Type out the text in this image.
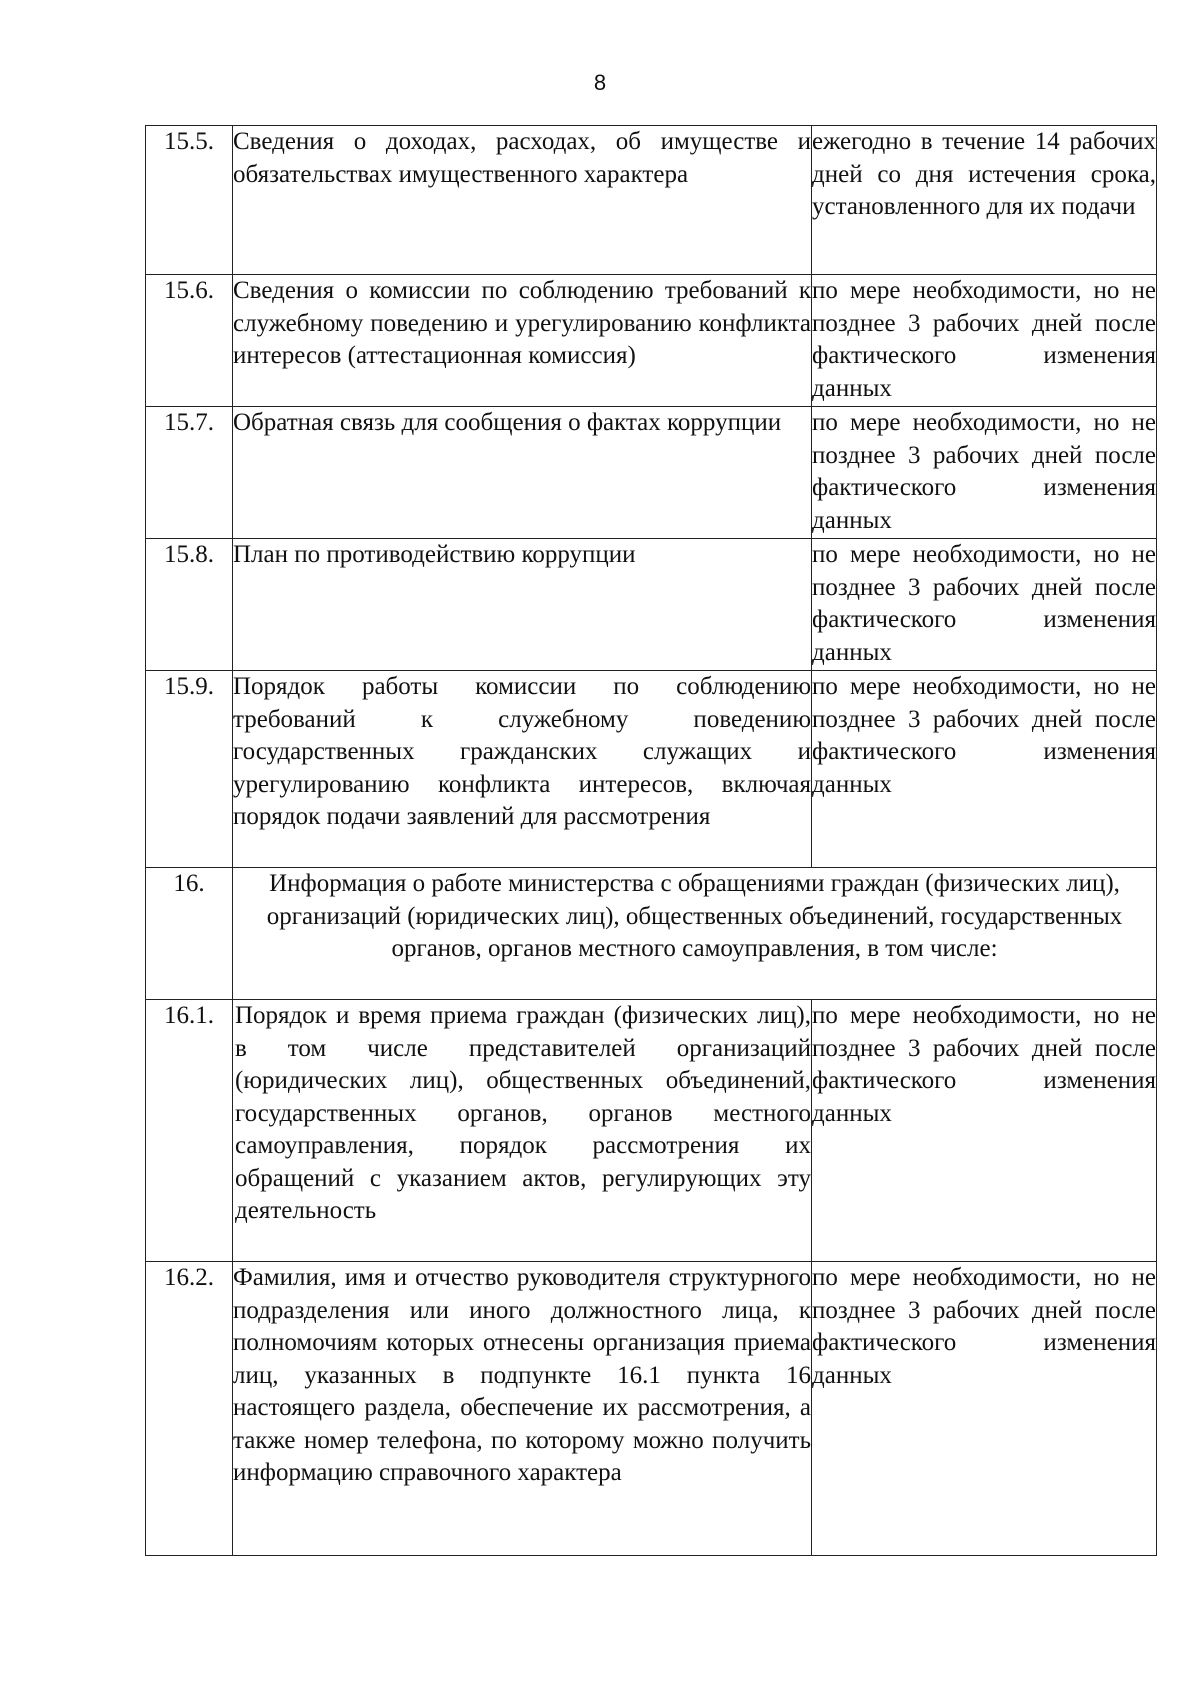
8
15.5.	Сведения о доходах, расходах, об имуществе и обязательствах имущественного характера	ежегодно в течение 14 рабочих дней со дня истечения срока, установленного для их подачи
15.6.	Сведения о комиссии по соблюдению требований к служебному поведению и урегулированию конфликта интересов (аттестационная комиссия)	по мере необходимости, но не позднее 3 рабочих дней после фактического изменения данных
15.7.	Обратная связь для сообщения о фактах коррупции	по мере необходимости, но не позднее 3 рабочих дней после фактического изменения данных
15.8.	План по противодействию коррупции	по мере необходимости, но не позднее 3 рабочих дней после фактического изменения данных
15.9.	Порядок работы комиссии по соблюдению требований к служебному поведению государственных гражданских служащих и урегулированию конфликта интересов, включая порядок подачи заявлений для рассмотрения	по мере необходимости, но не позднее 3 рабочих дней после фактического изменения данных
16.	Информация о работе министерства с обращениями граждан (физических лиц), организаций (юридических лиц), общественных объединений, государственных органов, органов местного самоуправления, в том числе:	
16.1.	Порядок и время приема граждан (физических лиц), в том числе представителей организаций (юридических лиц), общественных объединений, государственных органов, органов местного самоуправления, порядок рассмотрения их обращений с указанием актов, регулирующих эту деятельность	по мере необходимости, но не позднее 3 рабочих дней после фактического изменения данных
16.2.	Фамилия, имя и отчество руководителя структурного подразделения или иного должностного лица, к полномочиям которых отнесены организация приема лиц, указанных в подпункте 16.1 пункта 16 настоящего раздела, обеспечение их рассмотрения, а также номер телефона, по которому можно получить информацию справочного характера	по мере необходимости, но не позднее 3 рабочих дней после фактического изменения данных
